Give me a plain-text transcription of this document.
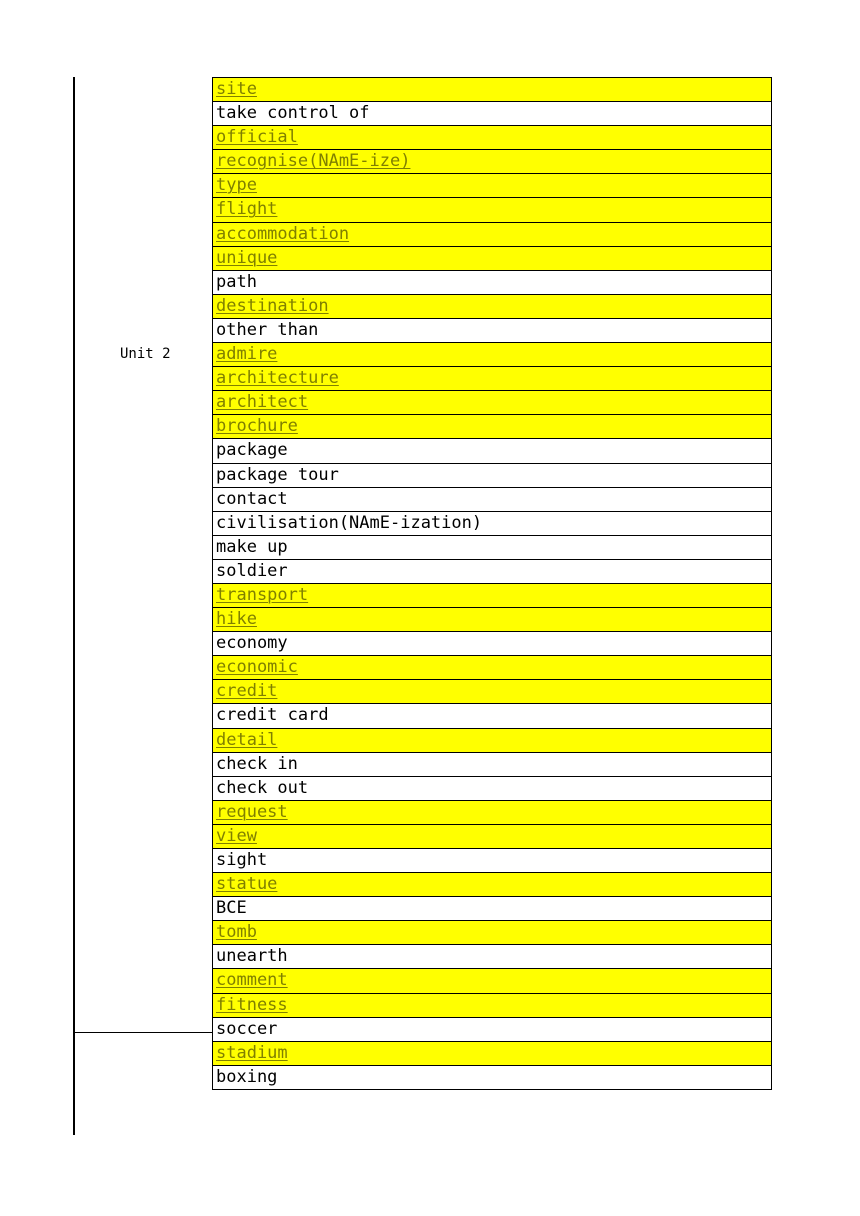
Unit 2
site
take control of
official
recognise(NAmE-ize)
type
flight
accommodation
unique
path
destination
other than
admire
architecture
architect
brochure
package
package tour
contact
civilisation(NAmE-ization)
make up
soldier
transport
hike
economy
economic
credit
credit card
detail
check in
check out
request
view
sight
statue
BCE
tomb
unearth
comment
fitness
soccer
stadium
boxing
